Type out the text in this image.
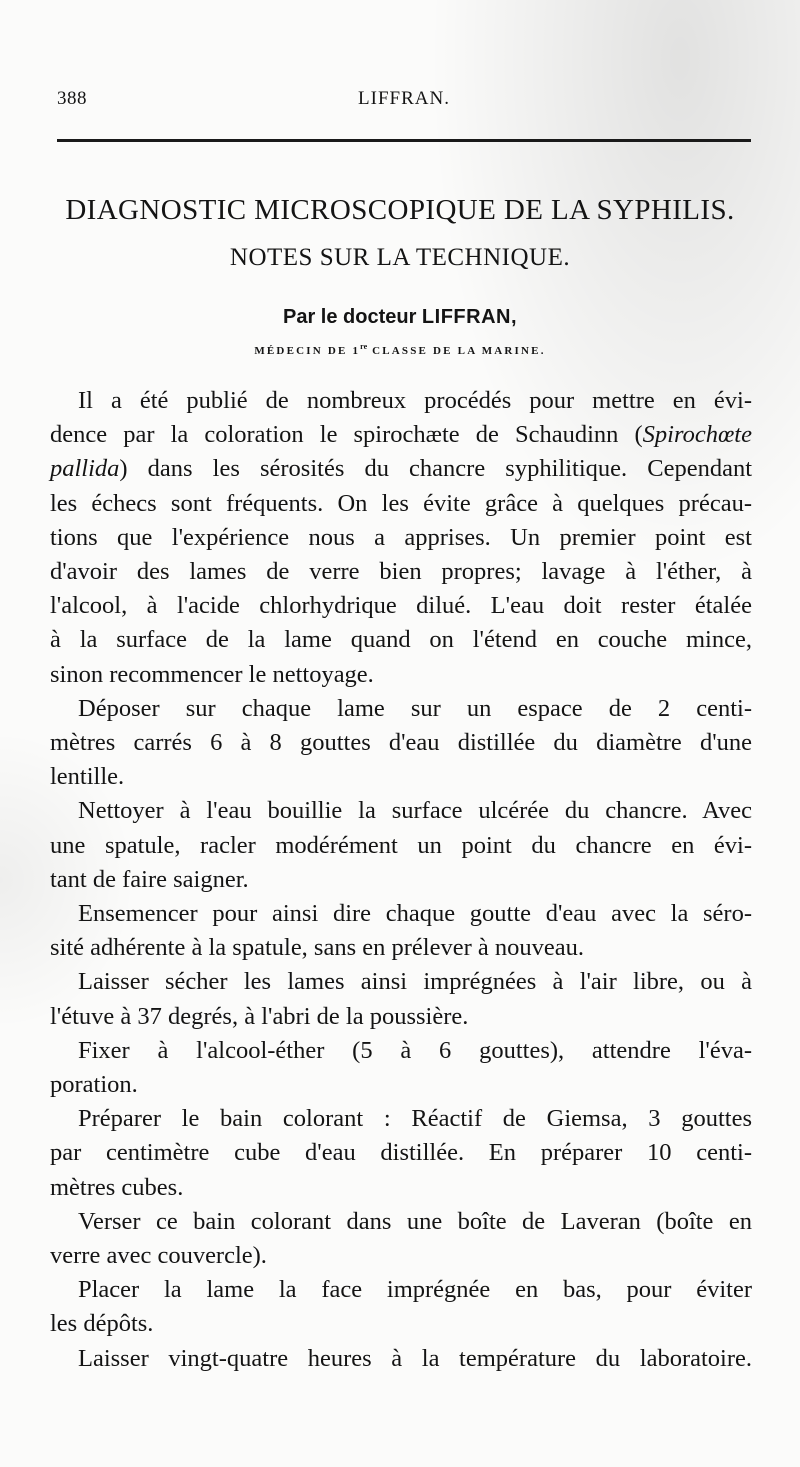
388	LIFFRAN.
DIAGNOSTIC MICROSCOPIQUE DE LA SYPHILIS.
NOTES SUR LA TECHNIQUE.
Par le docteur LIFFRAN,
MÉDECIN DE 1re CLASSE DE LA MARINE.
Il a été publié de nombreux procédés pour mettre en évi-
dence par la coloration le spirochæte de Schaudinn (Spirochœte
pallida) dans les sérosités du chancre syphilitique. Cependant
les échecs sont fréquents. On les évite grâce à quelques précau-
tions que l'expérience nous a apprises. Un premier point est
d'avoir des lames de verre bien propres; lavage à l'éther, à
l'alcool, à l'acide chlorhydrique dilué. L'eau doit rester étalée
à la surface de la lame quand on l'étend en couche mince,
sinon recommencer le nettoyage.
Déposer sur chaque lame sur un espace de 2 centi-
mètres carrés 6 à 8 gouttes d'eau distillée du diamètre d'une
lentille.
Nettoyer à l'eau bouillie la surface ulcérée du chancre. Avec
une spatule, racler modérément un point du chancre en évi-
tant de faire saigner.
Ensemencer pour ainsi dire chaque goutte d'eau avec la séro-
sité adhérente à la spatule, sans en prélever à nouveau.
Laisser sécher les lames ainsi imprégnées à l'air libre, ou à
l'étuve à 37 degrés, à l'abri de la poussière.
Fixer à l'alcool-éther (5 à 6 gouttes), attendre l'éva-
poration.
Préparer le bain colorant : Réactif de Giemsa, 3 gouttes
par centimètre cube d'eau distillée. En préparer 10 centi-
mètres cubes.
Verser ce bain colorant dans une boîte de Laveran (boîte en
verre avec couvercle).
Placer la lame la face imprégnée en bas, pour éviter
les dépôts.
Laisser vingt-quatre heures à la température du laboratoire.
